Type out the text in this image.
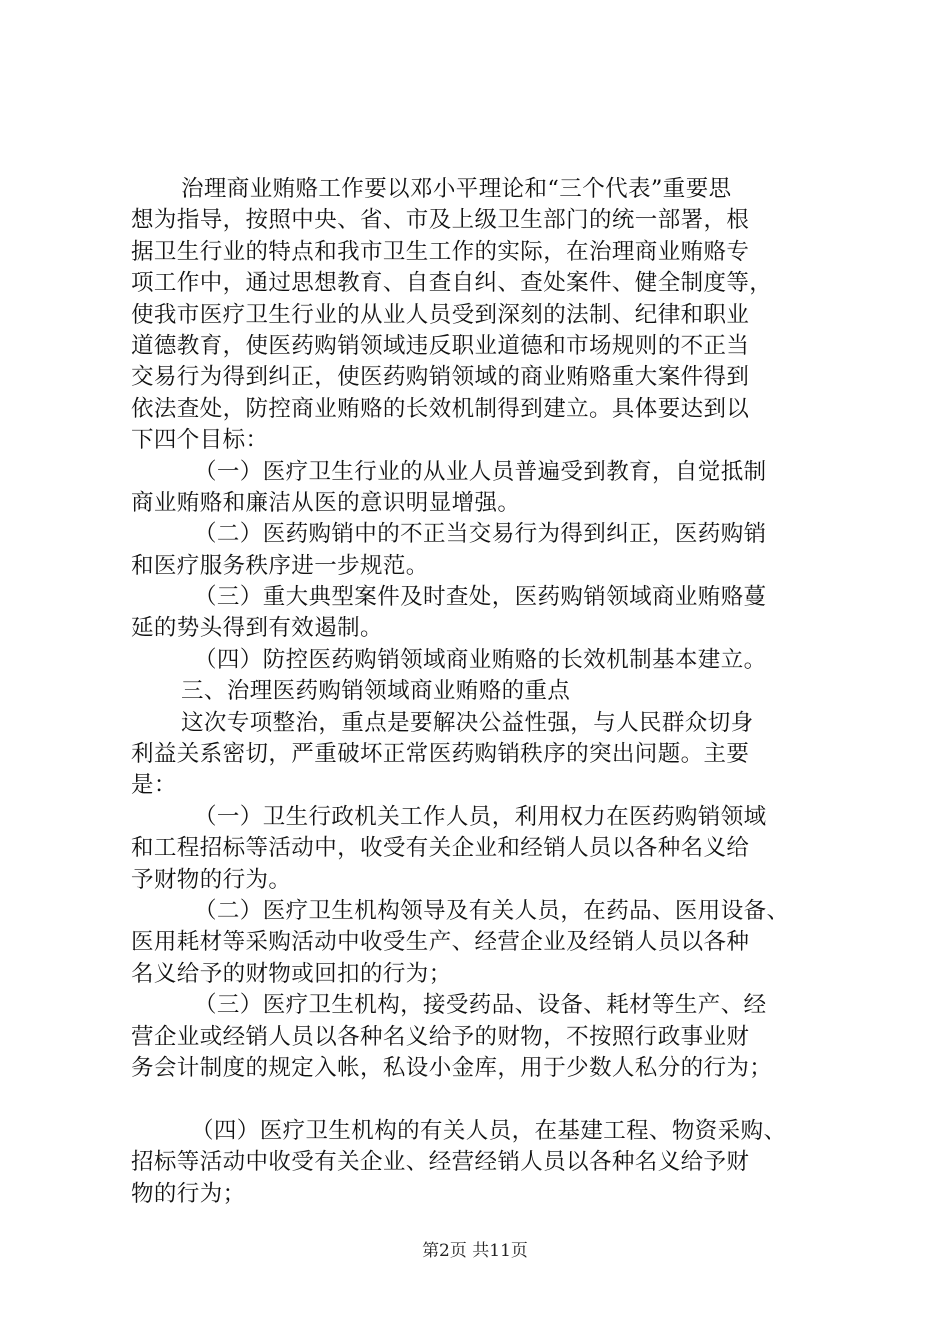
治理商业贿赂工作要以邓小平理论和“三个代表”重要思
想为指导，按照中央、省、市及上级卫生部门的统一部署，根
据卫生行业的特点和我市卫生工作的实际，在治理商业贿赂专
项工作中，通过思想教育、自查自纠、查处案件、健全制度等，
使我市医疗卫生行业的从业人员受到深刻的法制、纪律和职业
道德教育，使医药购销领域违反职业道德和市场规则的不正当
交易行为得到纠正，使医药购销领域的商业贿赂重大案件得到
依法查处，防控商业贿赂的长效机制得到建立。具体要达到以
下四个目标：
（一）医疗卫生行业的从业人员普遍受到教育，自觉抵制
商业贿赂和廉洁从医的意识明显增强。
（二）医药购销中的不正当交易行为得到纠正，医药购销
和医疗服务秩序进一步规范。
（三）重大典型案件及时查处，医药购销领域商业贿赂蔓
延的势头得到有效遏制。
（四）防控医药购销领域商业贿赂的长效机制基本建立。
三、治理医药购销领域商业贿赂的重点
这次专项整治，重点是要解决公益性强，与人民群众切身
利益关系密切，严重破坏正常医药购销秩序的突出问题。主要
是：
（一）卫生行政机关工作人员，利用权力在医药购销领域
和工程招标等活动中，收受有关企业和经销人员以各种名义给
予财物的行为。
（二）医疗卫生机构领导及有关人员，在药品、医用设备、
医用耗材等采购活动中收受生产、经营企业及经销人员以各种
名义给予的财物或回扣的行为；
（三）医疗卫生机构，接受药品、设备、耗材等生产、经
营企业或经销人员以各种名义给予的财物，不按照行政事业财
务会计制度的规定入帐，私设小金库，用于少数人私分的行为；
（四）医疗卫生机构的有关人员，在基建工程、物资采购、
招标等活动中收受有关企业、经营经销人员以各种名义给予财
物的行为；
第2页 共11页
